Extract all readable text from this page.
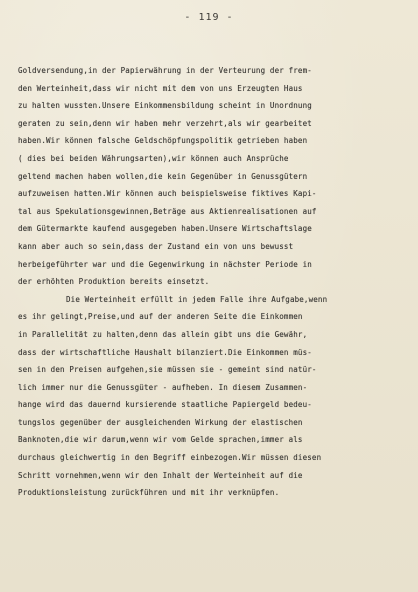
- 119 -
Goldversendung,in der Papierwährung in der Verteurung der frem-
den Werteinheit,dass wir nicht mit dem von uns Erzeugten Haus
zu halten wussten.Unsere Einkommensbildung scheint in Unordnung
geraten zu sein,denn wir haben mehr verzehrt,als wir gearbeitet
haben.Wir können falsche Geldschöpfungspolitik getrieben haben
( dies bei beiden Währungsarten),wir können auch Ansprüche
geltend machen haben wollen,die kein Gegenüber in Genussgütern
aufzuweisen hatten.Wir können auch beispielsweise fiktives Kapi-
tal aus Spekulationsgewinnen,Beträge aus Aktienrealisationen auf
dem Gütermarkte kaufend ausgegeben haben.Unsere Wirtschaftslage
kann aber auch so sein,dass der Zustand ein von uns bewusst
herbeigeführter war und die Gegenwirkung in nächster Periode in
der erhöhten Produktion bereits einsetzt.
Die Werteinheit erfüllt in jedem Falle ihre Aufgabe,wenn
es ihr gelingt,Preise,und auf der anderen Seite die Einkommen
in Parallelität zu halten,denn das allein gibt uns die Gewähr,
dass der wirtschaftliche Haushalt bilanziert.Die Einkommen müs-
sen in den Preisen aufgehen,sie müssen sie - gemeint sind natür-
lich immer nur die Genussgüter - aufheben. In diesem Zusammen-
hange wird das dauernd kursierende staatliche Papiergeld bedeu-
tungslos gegenüber der ausgleichenden Wirkung der elastischen
Banknoten,die wir darum,wenn wir vom Gelde sprachen,immer als
durchaus gleichwertig in den Begriff einbezogen.Wir müssen diesen
Schritt vornehmen,wenn wir den Inhalt der Werteinheit auf die
Produktionsleistung zurückführen und mit ihr verknüpfen.
